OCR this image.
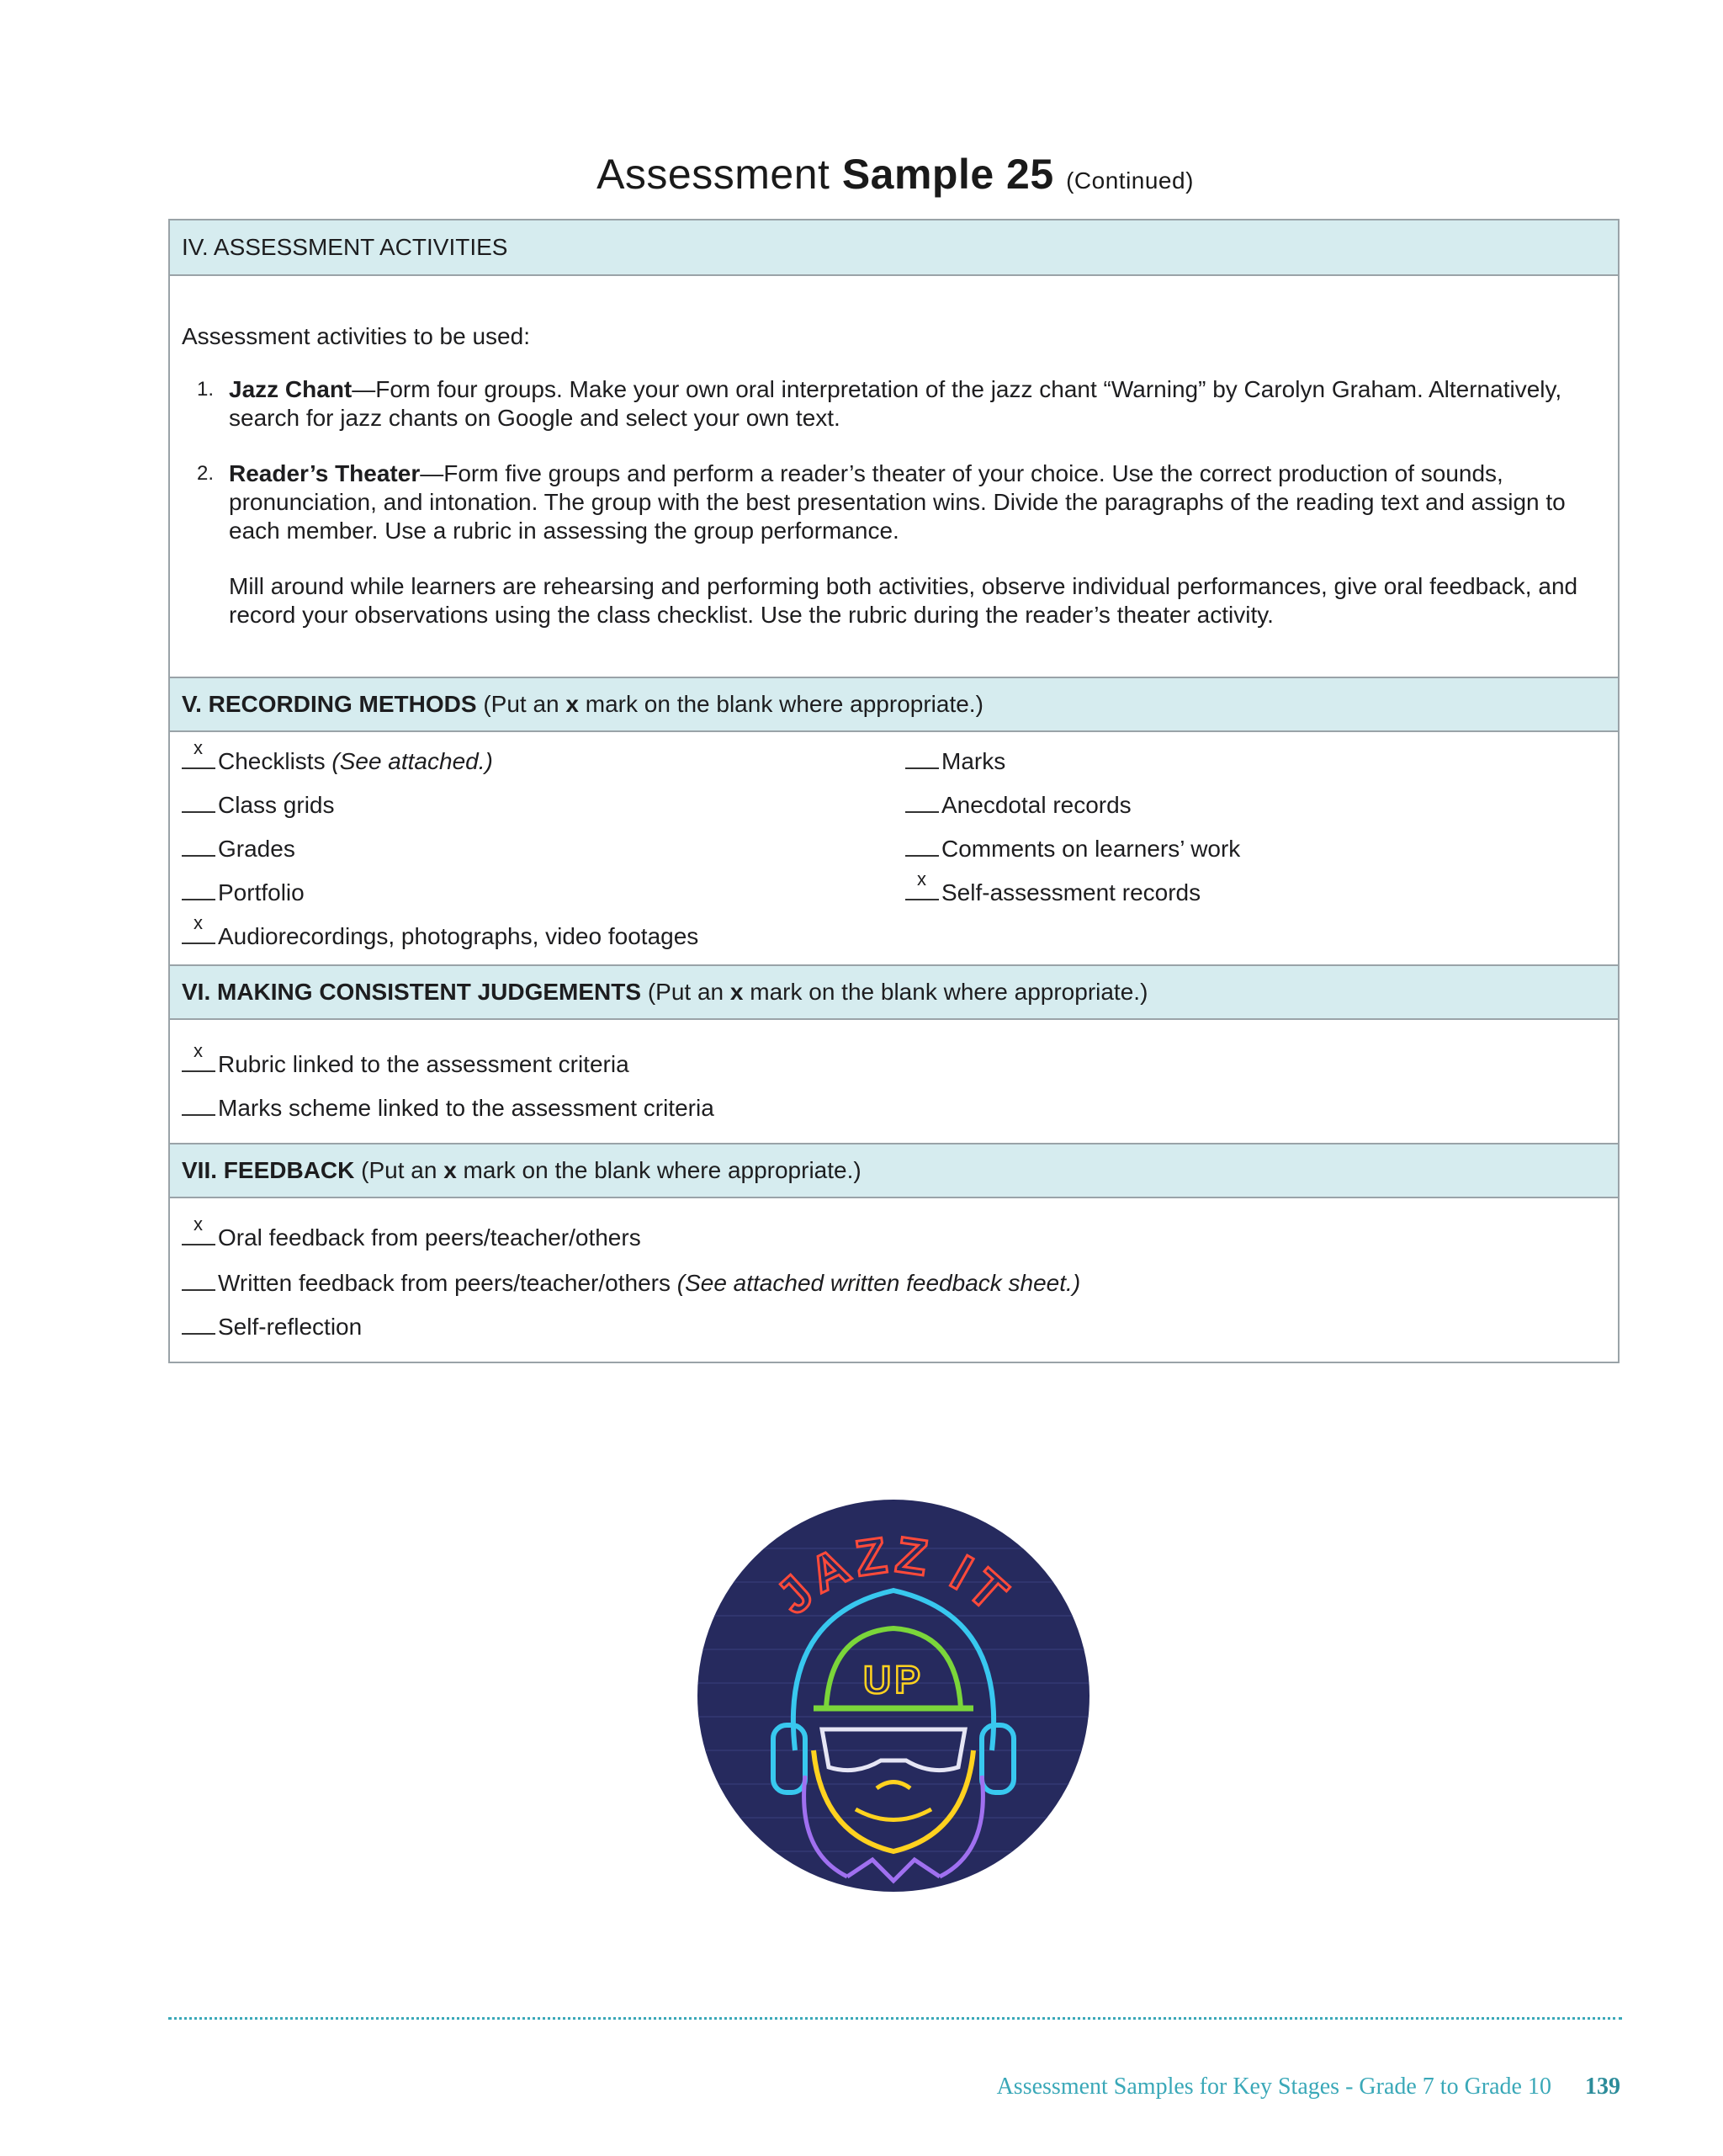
Assessment Sample 25 (Continued)
IV. ASSESSMENT ACTIVITIES
Assessment activities to be used:
1. Jazz Chant—Form four groups. Make your own oral interpretation of the jazz chant “Warning” by Carolyn Graham. Alternatively, search for jazz chants on Google and select your own text.
2. Reader’s Theater—Form five groups and perform a reader’s theater of your choice. Use the correct production of sounds, pronunciation, and intonation. The group with the best presentation wins. Divide the paragraphs of the reading text and assign to each member. Use a rubric in assessing the group performance.
Mill around while learners are rehearsing and performing both activities, observe individual performances, give oral feedback, and record your observations using the class checklist. Use the rubric during the reader’s theater activity.
V. RECORDING METHODS (Put an x mark on the blank where appropriate.)
x
Checklists
(See attached.)
Class grids
Grades
Portfolio
x
Audiorecordings, photographs, video footages
Marks
Anecdotal records
Comments on learners’ work
x
Self-assessment records
VI. MAKING CONSISTENT JUDGEMENTS (Put an x mark on the blank where appropriate.)
x
Rubric linked to the assessment criteria
Marks scheme linked to the assessment criteria
VII. FEEDBACK (Put an x mark on the blank where appropriate.)
x
Oral feedback from peers/teacher/others
Written feedback from peers/teacher/others
(See attached written feedback sheet.)
Self-reflection
JAZZ IT
UP
Assessment Samples for Key Stages - Grade 7 to Grade 10 139
